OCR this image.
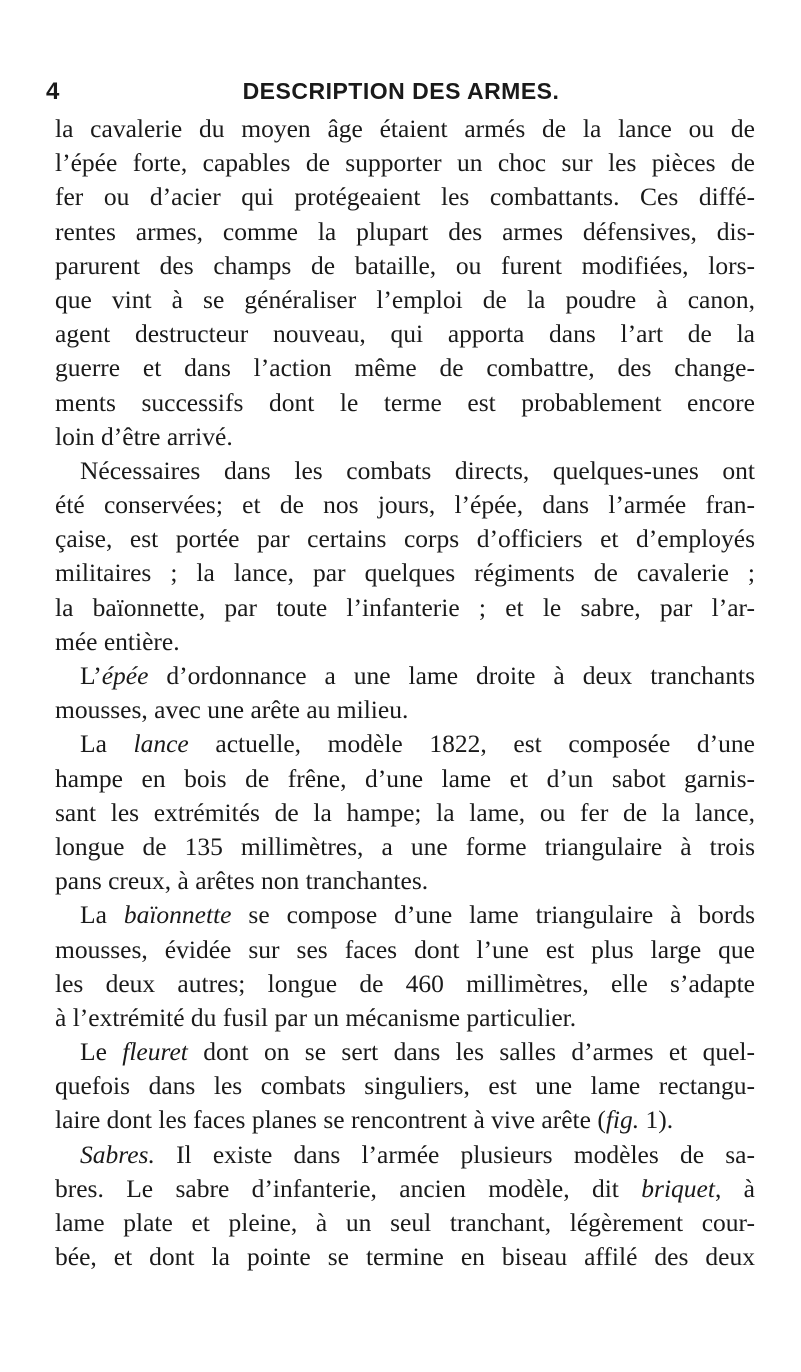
4	DESCRIPTION DES ARMES.
la cavalerie du moyen âge étaient armés de la lance ou de
l’épée forte, capables de supporter un choc sur les pièces de
fer ou d’acier qui protégeaient les combattants. Ces diffé-
rentes armes, comme la plupart des armes défensives, dis-
parurent des champs de bataille, ou furent modifiées, lors-
que vint à se généraliser l’emploi de la poudre à canon,
agent destructeur nouveau, qui apporta dans l’art de la
guerre et dans l’action même de combattre, des change-
ments successifs dont le terme est probablement encore
loin d’être arrivé.
Nécessaires dans les combats directs, quelques-unes ont
été conservées; et de nos jours, l’épée, dans l’armée fran-
çaise, est portée par certains corps d’officiers et d’employés
militaires ; la lance, par quelques régiments de cavalerie ;
la baïonnette, par toute l’infanterie ; et le sabre, par l’ar-
mée entière.
L’épée d’ordonnance a une lame droite à deux tranchants
mousses, avec une arête au milieu.
La lance actuelle, modèle 1822, est composée d’une
hampe en bois de frêne, d’une lame et d’un sabot garnis-
sant les extrémités de la hampe; la lame, ou fer de la lance,
longue de 135 millimètres, a une forme triangulaire à trois
pans creux, à arêtes non tranchantes.
La baïonnette se compose d’une lame triangulaire à bords
mousses, évidée sur ses faces dont l’une est plus large que
les deux autres; longue de 460 millimètres, elle s’adapte
à l’extrémité du fusil par un mécanisme particulier.
Le fleuret dont on se sert dans les salles d’armes et quel-
quefois dans les combats singuliers, est une lame rectangu-
laire dont les faces planes se rencontrent à vive arête (fig. 1).
Sabres. Il existe dans l’armée plusieurs modèles de sa-
bres. Le sabre d’infanterie, ancien modèle, dit briquet, à
lame plate et pleine, à un seul tranchant, légèrement cour-
bée, et dont la pointe se termine en biseau affilé des deux
